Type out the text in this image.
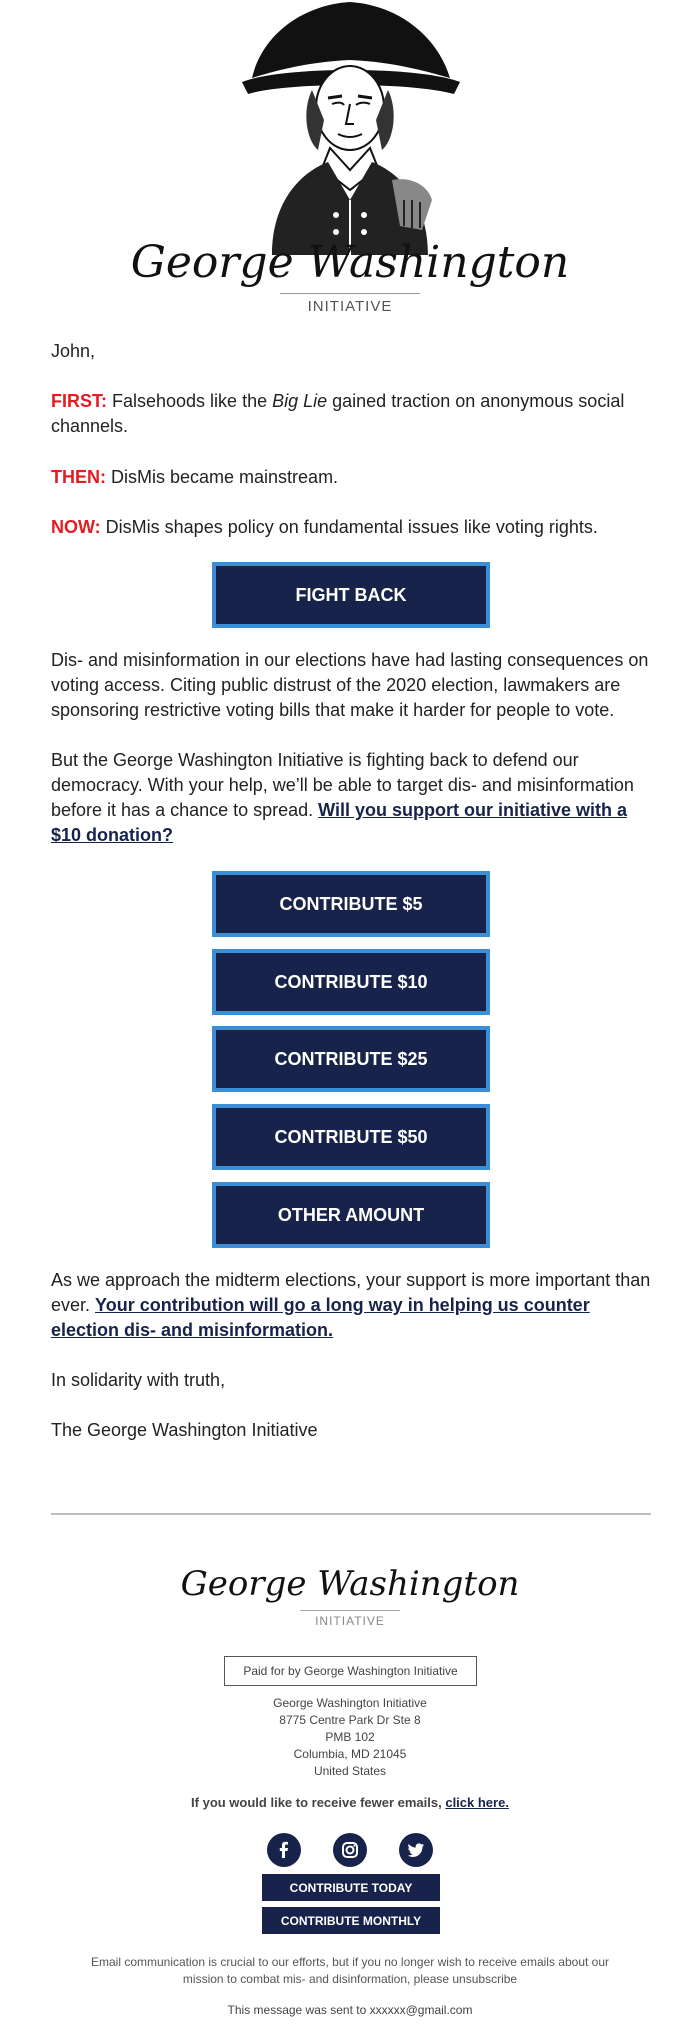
George Washington
INITIATIVE
John,
FIRST: Falsehoods like the Big Lie gained traction on anonymous social channels.
THEN: DisMis became mainstream.
NOW: DisMis shapes policy on fundamental issues like voting rights.
FIGHT BACK
Dis- and misinformation in our elections have had lasting consequences on voting access. Citing public distrust of the 2020 election, lawmakers are sponsoring restrictive voting bills that make it harder for people to vote.
But the George Washington Initiative is fighting back to defend our democracy. With your help, we’ll be able to target dis- and misinformation before it has a chance to spread. Will you support our initiative with a $10 donation?
CONTRIBUTE $5
CONTRIBUTE $10
CONTRIBUTE $25
CONTRIBUTE $50
OTHER AMOUNT
As we approach the midterm elections, your support is more important than ever. Your contribution will go a long way in helping us counter election dis- and misinformation.
In solidarity with truth,
The George Washington Initiative
George Washington
INITIATIVE
Paid for by George Washington Initiative
George Washington Initiative
8775 Centre Park Dr Ste 8
PMB 102
Columbia, MD 21045
United States
If you would like to receive fewer emails, click here.
CONTRIBUTE TODAY
CONTRIBUTE MONTHLY
Email communication is crucial to our efforts, but if you no longer wish to receive emails about our mission to combat mis- and disinformation, please unsubscribe
This message was sent to xxxxxx@gmail.com
